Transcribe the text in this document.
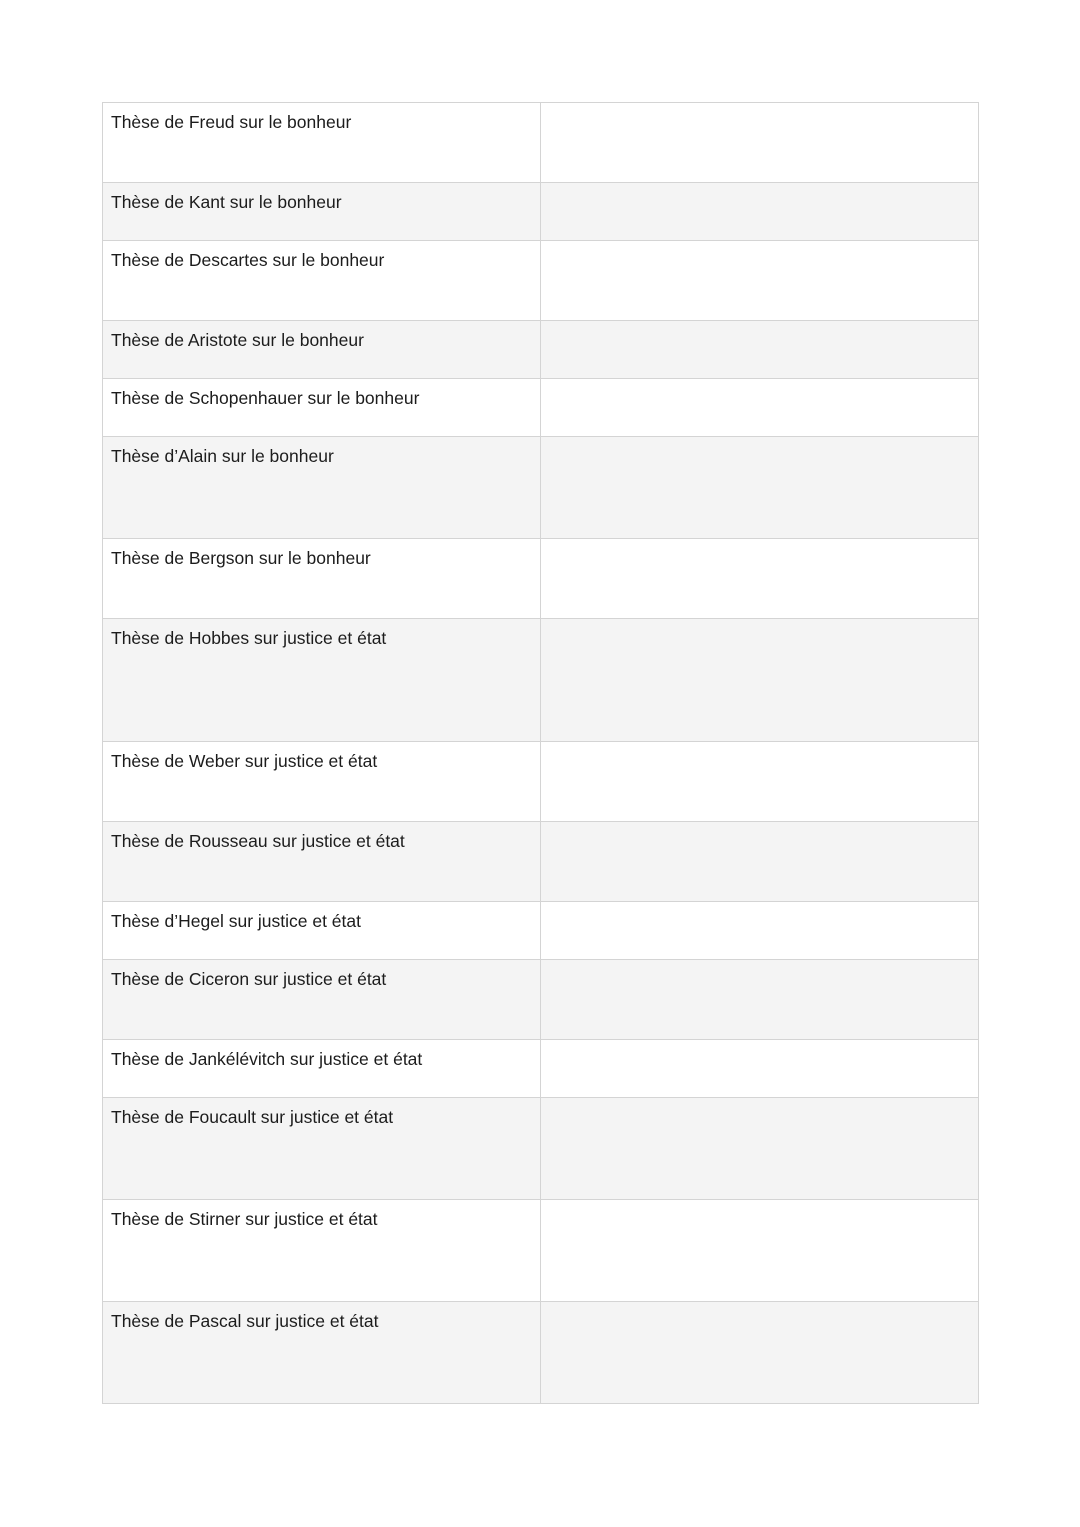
Thèse de Freud sur le bonheur	

Thèse de Kant sur le bonheur	

Thèse de Descartes sur le bonheur	

Thèse de Aristote sur le bonheur	

Thèse de Schopenhauer sur le bonheur	

Thèse d’Alain sur le bonheur	

Thèse de Bergson sur le bonheur	

Thèse de Hobbes sur justice et état	

Thèse de Weber sur justice et état	

Thèse de Rousseau sur justice et état	

Thèse d’Hegel sur justice et état	

Thèse de Ciceron sur justice et état	

Thèse de Jankélévitch sur justice et état	

Thèse de Foucault sur justice et état	

Thèse de Stirner sur justice et état	

Thèse de Pascal sur justice et état	
